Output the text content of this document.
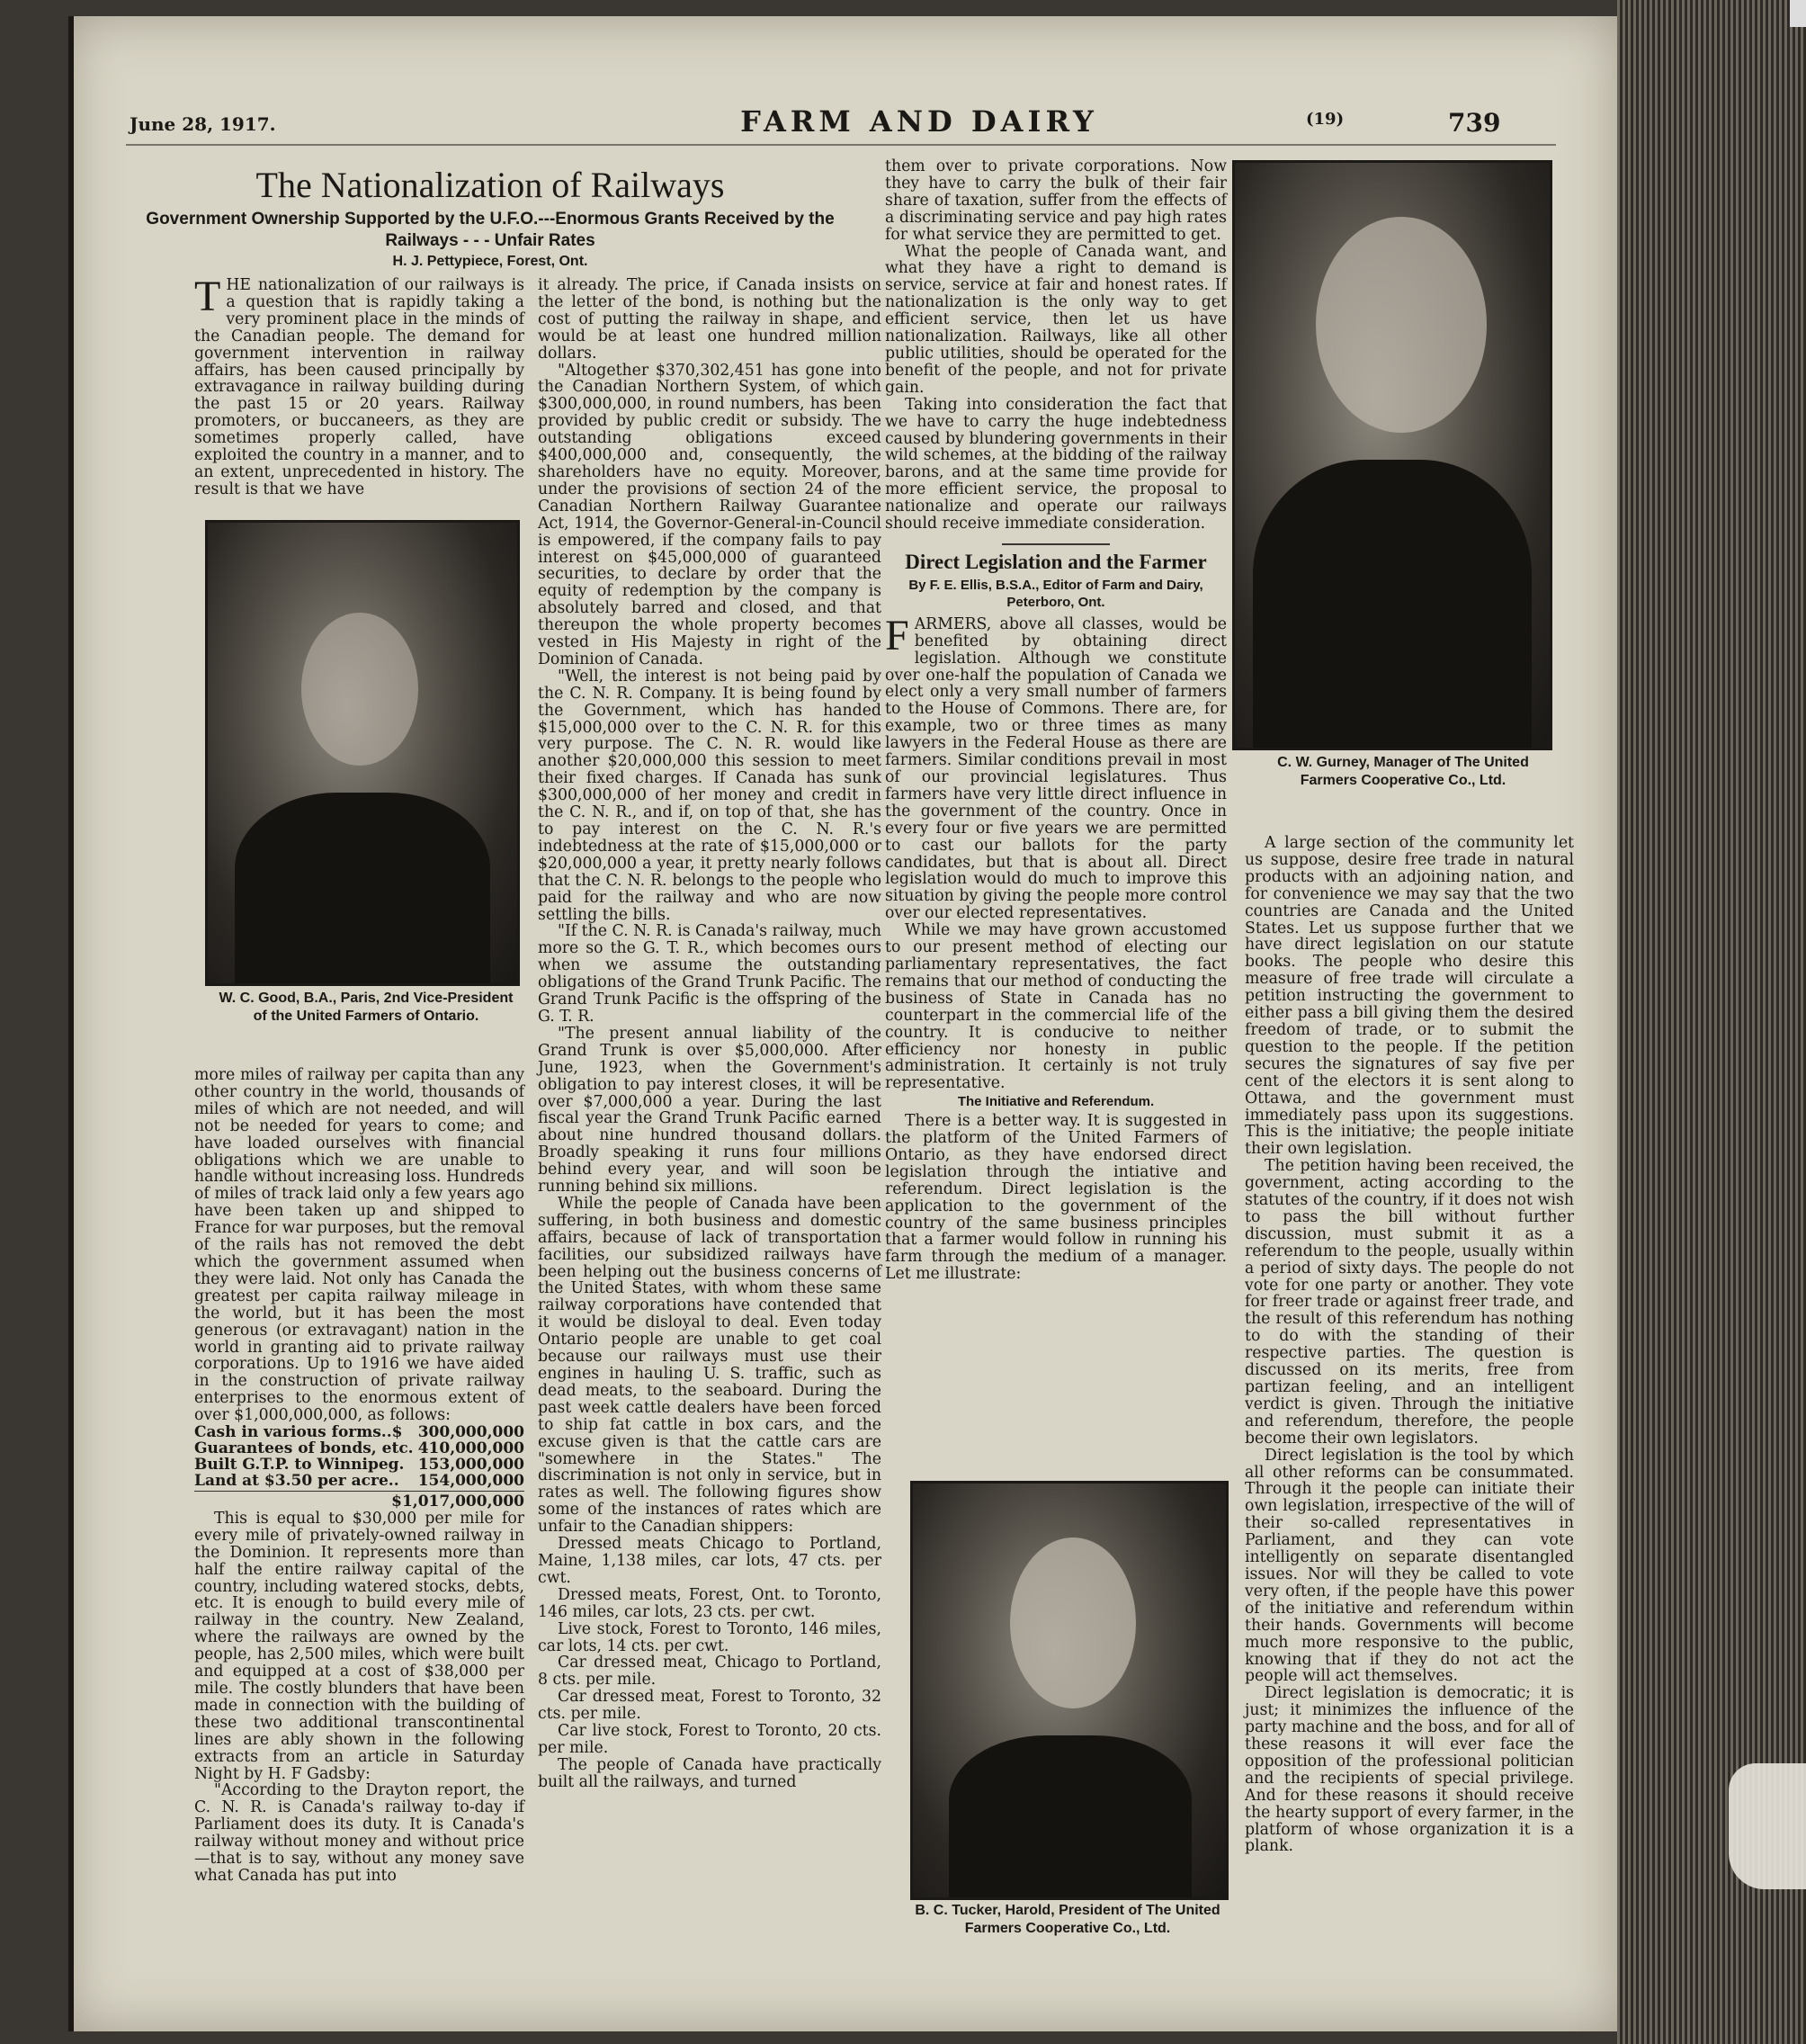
June 28, 1917.	FARM AND DAIRY	(19)	739
The Nationalization of Railways
Government Ownership Supported by the U.F.O.---Enormous Grants Received by the Railways - - - Unfair Rates
H. J. Pettypiece, Forest, Ont.

THE nationalization of our railways is a question that is rapidly taking a very prominent place in the minds of the Canadian people. The demand for government intervention in railway affairs, has been caused principally by extravagance in railway building during the past 15 or 20 years. Railway promoters, or buccaneers, as they are sometimes properly called, have exploited the country in a manner, and to an extent, unprecedented in history. The result is that we have

W. C. Good, B.A., Paris, 2nd Vice-President of the United Farmers of Ontario.

more miles of railway per capita than any other country in the world, thousands of miles of which are not needed, and will not be needed for years to come; and have loaded ourselves with financial obligations which we are unable to handle without increasing loss. Hundreds of miles of track laid only a few years ago have been taken up and shipped to France for war purposes, but the removal of the rails has not removed the debt which the government assumed when they were laid. Not only has Canada the greatest per capita railway mileage in the world, but it has been the most generous (or extravagant) nation in the world in granting aid to private railway corporations. Up to 1916 we have aided in the construction of private railway enterprises to the enormous extent of over $1,000,000,000, as follows:

Cash in various forms..$	300,000,000
Guarantees of bonds, etc.	410,000,000
Built G.T.P. to Winnipeg.	153,000,000
Land at $3.50 per acre..	154,000,000
$1,017,000,000

This is equal to $30,000 per mile for every mile of privately-owned railway in the Dominion. It represents more than half the entire railway capital of the country, including watered stocks, debts, etc. It is enough to build every mile of railway in the country. New Zealand, where the railways are owned by the people, has 2,500 miles, which were built and equipped at a cost of $38,000 per mile. The costly blunders that have been made in connection with the building of these two additional transcontinental lines are ably shown in the following extracts from an article in Saturday Night by H. F Gadsby:

"According to the Drayton report, the C. N. R. is Canada's railway to-day if Parliament does its duty. It is Canada's railway without money and without price—that is to say, without any money save what Canada has put into

it already. The price, if Canada insists on the letter of the bond, is nothing but the cost of putting the railway in shape, and would be at least one hundred million dollars.

"Altogether $370,302,451 has gone into the Canadian Northern System, of which $300,000,000, in round numbers, has been provided by public credit or subsidy. The outstanding obligations exceed $400,000,000 and, consequently, the shareholders have no equity. Moreover, under the provisions of section 24 of the Canadian Northern Railway Guarantee Act, 1914, the Governor-General-in-Council is empowered, if the company fails to pay interest on $45,000,000 of guaranteed securities, to declare by order that the equity of redemption by the company is absolutely barred and closed, and that thereupon the whole property becomes vested in His Majesty in right of the Dominion of Canada.

"Well, the interest is not being paid by the C. N. R. Company. It is being found by the Government, which has handed $15,000,000 over to the C. N. R. for this very purpose. The C. N. R. would like another $20,000,000 this session to meet their fixed charges. If Canada has sunk $300,000,000 of her money and credit in the C. N. R., and if, on top of that, she has to pay interest on the C. N. R.'s indebtedness at the rate of $15,000,000 or $20,000,000 a year, it pretty nearly follows that the C. N. R. belongs to the people who paid for the railway and who are now settling the bills.

"If the C. N. R. is Canada's railway, much more so the G. T. R., which becomes ours when we assume the outstanding obligations of the Grand Trunk Pacific. The Grand Trunk Pacific is the offspring of the G. T. R.

"The present annual liability of the Grand Trunk is over $5,000,000. After June, 1923, when the Government's obligation to pay interest closes, it will be over $7,000,000 a year. During the last fiscal year the Grand Trunk Pacific earned about nine hundred thousand dollars. Broadly speaking it runs four millions behind every year, and will soon be running behind six millions.

While the people of Canada have been suffering, in both business and domestic affairs, because of lack of transportation facilities, our subsidized railways have been helping out the business concerns of the United States, with whom these same railway corporations have contended that it would be disloyal to deal. Even today Ontario people are unable to get coal because our railways must use their engines in hauling U. S. traffic, such as dead meats, to the seaboard. During the past week cattle dealers have been forced to ship fat cattle in box cars, and the excuse given is that the cattle cars are "somewhere in the States." The discrimination is not only in service, but in rates as well. The following figures show some of the instances of rates which are unfair to the Canadian shippers:

Dressed meats Chicago to Portland, Maine, 1,138 miles, car lots, 47 cts. per cwt.

Dressed meats, Forest, Ont. to Toronto, 146 miles, car lots, 23 cts. per cwt.

Live stock, Forest to Toronto, 146 miles, car lots, 14 cts. per cwt.

Car dressed meat, Chicago to Portland, 8 cts. per mile.

Car dressed meat, Forest to Toronto, 32 cts. per mile.

Car live stock, Forest to Toronto, 20 cts. per mile.

The people of Canada have practically built all the railways, and turned

them over to private corporations. Now they have to carry the bulk of their fair share of taxation, suffer from the effects of a discriminating service and pay high rates for what service they are permitted to get.

What the people of Canada want, and what they have a right to demand is service, service at fair and honest rates. If nationalization is the only way to get efficient service, then let us have nationalization. Railways, like all other public utilities, should be operated for the benefit of the people, and not for private gain.

Taking into consideration the fact that we have to carry the huge indebtedness caused by blundering governments in their wild schemes, at the bidding of the railway barons, and at the same time provide for more efficient service, the proposal to nationalize and operate our railways should receive immediate consideration.

Direct Legislation and the Farmer
By F. E. Ellis, B.S.A., Editor of Farm and Dairy, Peterboro, Ont.

FARMERS, above all classes, would be benefited by obtaining direct legislation. Although we constitute over one-half the population of Canada we elect only a very small number of farmers to the House of Commons. There are, for example, two or three times as many lawyers in the Federal House as there are farmers. Similar conditions prevail in most of our provincial legislatures. Thus farmers have very little direct influence in the government of the country. Once in every four or five years we are permitted to cast our ballots for the party candidates, but that is about all. Direct legislation would do much to improve this situation by giving the people more control over our elected representatives.

While we may have grown accustomed to our present method of electing our parliamentary representatives, the fact remains that our method of conducting the business of State in Canada has no counterpart in the commercial life of the country. It is conducive to neither efficiency nor honesty in public administration. It certainly is not truly representative.

The Initiative and Referendum.

There is a better way. It is suggested in the platform of the United Farmers of Ontario, as they have endorsed direct legislation through the intiative and referendum. Direct legislation is the application to the government of the country of the same business principles that a farmer would follow in running his farm through the medium of a manager. Let me illustrate:

B. C. Tucker, Harold, President of The United Farmers Cooperative Co., Ltd.
C. W. Gurney, Manager of The United Farmers Cooperative Co., Ltd.

A large section of the community let us suppose, desire free trade in natural products with an adjoining nation, and for convenience we may say that the two countries are Canada and the United States. Let us suppose further that we have direct legislation on our statute books. The people who desire this measure of free trade will circulate a petition instructing the government to either pass a bill giving them the desired freedom of trade, or to submit the question to the people. If the petition secures the signatures of say five per cent of the electors it is sent along to Ottawa, and the government must immediately pass upon its suggestions. This is the initiative; the people initiate their own legislation.

The petition having been received, the government, acting according to the statutes of the country, if it does not wish to pass the bill without further discussion, must submit it as a referendum to the people, usually within a period of sixty days. The people do not vote for one party or another. They vote for freer trade or against freer trade, and the result of this referendum has nothing to do with the standing of their respective parties. The question is discussed on its merits, free from partizan feeling, and an intelligent verdict is given. Through the initiative and referendum, therefore, the people become their own legislators.

Direct legislation is the tool by which all other reforms can be consummated. Through it the people can initiate their own legislation, irrespective of the will of their so-called representatives in Parliament, and they can vote intelligently on separate disentangled issues. Nor will they be called to vote very often, if the people have this power of the initiative and referendum within their hands. Governments will become much more responsive to the public, knowing that if they do not act the people will act themselves.

Direct legislation is democratic; it is just; it minimizes the influence of the party machine and the boss, and for all of these reasons it will ever face the opposition of the professional politician and the recipients of special privilege. And for these reasons it should receive the hearty support of every farmer, in the platform of whose organization it is a plank.
